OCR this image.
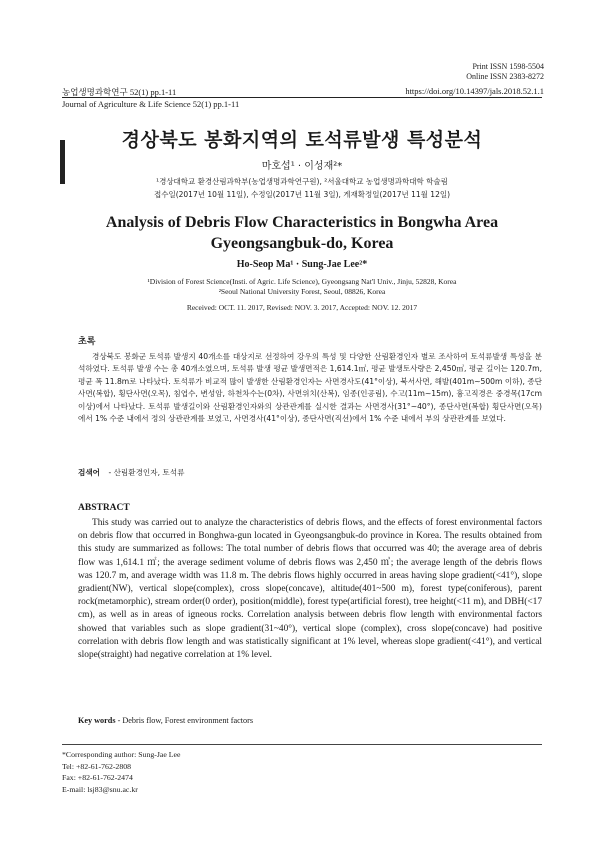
Print ISSN 1598-5504
Online ISSN 2383-8272
농업생명과학연구 52(1) pp.1-11	https://doi.org/10.14397/jals.2018.52.1.1
Journal of Agriculture & Life Science 52(1) pp.1-11
경상북도 봉화지역의 토석류발생 특성분석
마호섭¹ · 이성재²*
¹경상대학교 환경산림과학부(농업생명과학연구원), ²서울대학교 농업생명과학대학 학술림
접수일(2017년 10월 11일), 수정일(2017년 11월 3일), 게재확정일(2017년 11월 12일)
Analysis of Debris Flow Characteristics in Bongwha Area
Gyeongsangbuk-do, Korea
Ho-Seop Ma¹ · Sung-Jae Lee²*
¹Division of Forest Science(Insti. of Agric. Life Science), Gyeongsang Nat'l Univ., Jinju, 52828, Korea
²Seoul National University Forest, Seoul, 08826, Korea
Received: OCT. 11. 2017, Revised: NOV. 3. 2017, Accepted: NOV. 12. 2017
초록

경상북도 봉화군 토석류 발생지 40개소를 대상지로 선정하여 강우의 특성 및 다양한 산림환경인자 별로 조사하여 토석류발생 특성을 분석하였다. 토석류 발생 수는 총 40개소였으며, 토석류 발생 평균 발생면적은 1,614.1㎡, 평균 발생토사량은 2,450㎥, 평균 길이는 120.7m, 평균 폭 11.8m로 나타났다. 토석류가 비교적 많이 발생한 산림환경인자는 사면경사도(41°이상), 북서사면, 해발(401m~500m 이하), 종단사면(복합), 횡단사면(오목), 침엽수, 변성암, 하천차수는(0차), 사면위치(산복), 임종(인공림), 수고(11m~15m), 흉고직경은 중경목(17cm 이상)에서 나타났다. 토석류 발생길이와 산림환경인자와의 상관관계를 실시한 결과는 사면경사(31°~40°), 종단사면(복합) 횡단사면(오목) 에서 1% 수준 내에서 정의 상관관계를 보였고, 사면경사(41°이상), 종단사면(직선)에서 1% 수준 내에서 부의 상관관계를 보였다.

검색어 - 산림환경인자, 토석류
ABSTRACT

This study was carried out to analyze the characteristics of debris flows, and the effects of forest environmental factors on debris flow that occurred in Bonghwa-gun located in Gyeongsangbuk-do province in Korea. The results obtained from this study are summarized as follows: The total number of debris flows that occurred was 40; the average area of debris flow was 1,614.1 ㎡; the average sediment volume of debris flows was 2,450 ㎥; the average length of the debris flows was 120.7 m, and average width was 11.8 m. The debris flows highly occurred in areas having slope gradient(<41°), slope gradient(NW), vertical slope(complex), cross slope(concave), altitude(401~500 m), forest type(coniferous), parent rock(metamorphic), stream order(0 order), position(middle), forest type(artificial forest), tree height(<11 m), and DBH(<17 cm), as well as in areas of igneous rocks. Correlation analysis between debris flow length with environmental factors showed that variables such as slope gradient(31~40°), vertical slope (complex), cross slope(concave) had positive correlation with debris flow length and was statistically significant at 1% level, whereas slope gradient(<41°), and vertical slope(straight) had negative correlation at 1% level.

Key words - Debris flow, Forest environment factors
*Corresponding author: Sung-Jae Lee
Tel: +82-61-762-2808
Fax: +82-61-762-2474
E-mail: lsj83@snu.ac.kr
